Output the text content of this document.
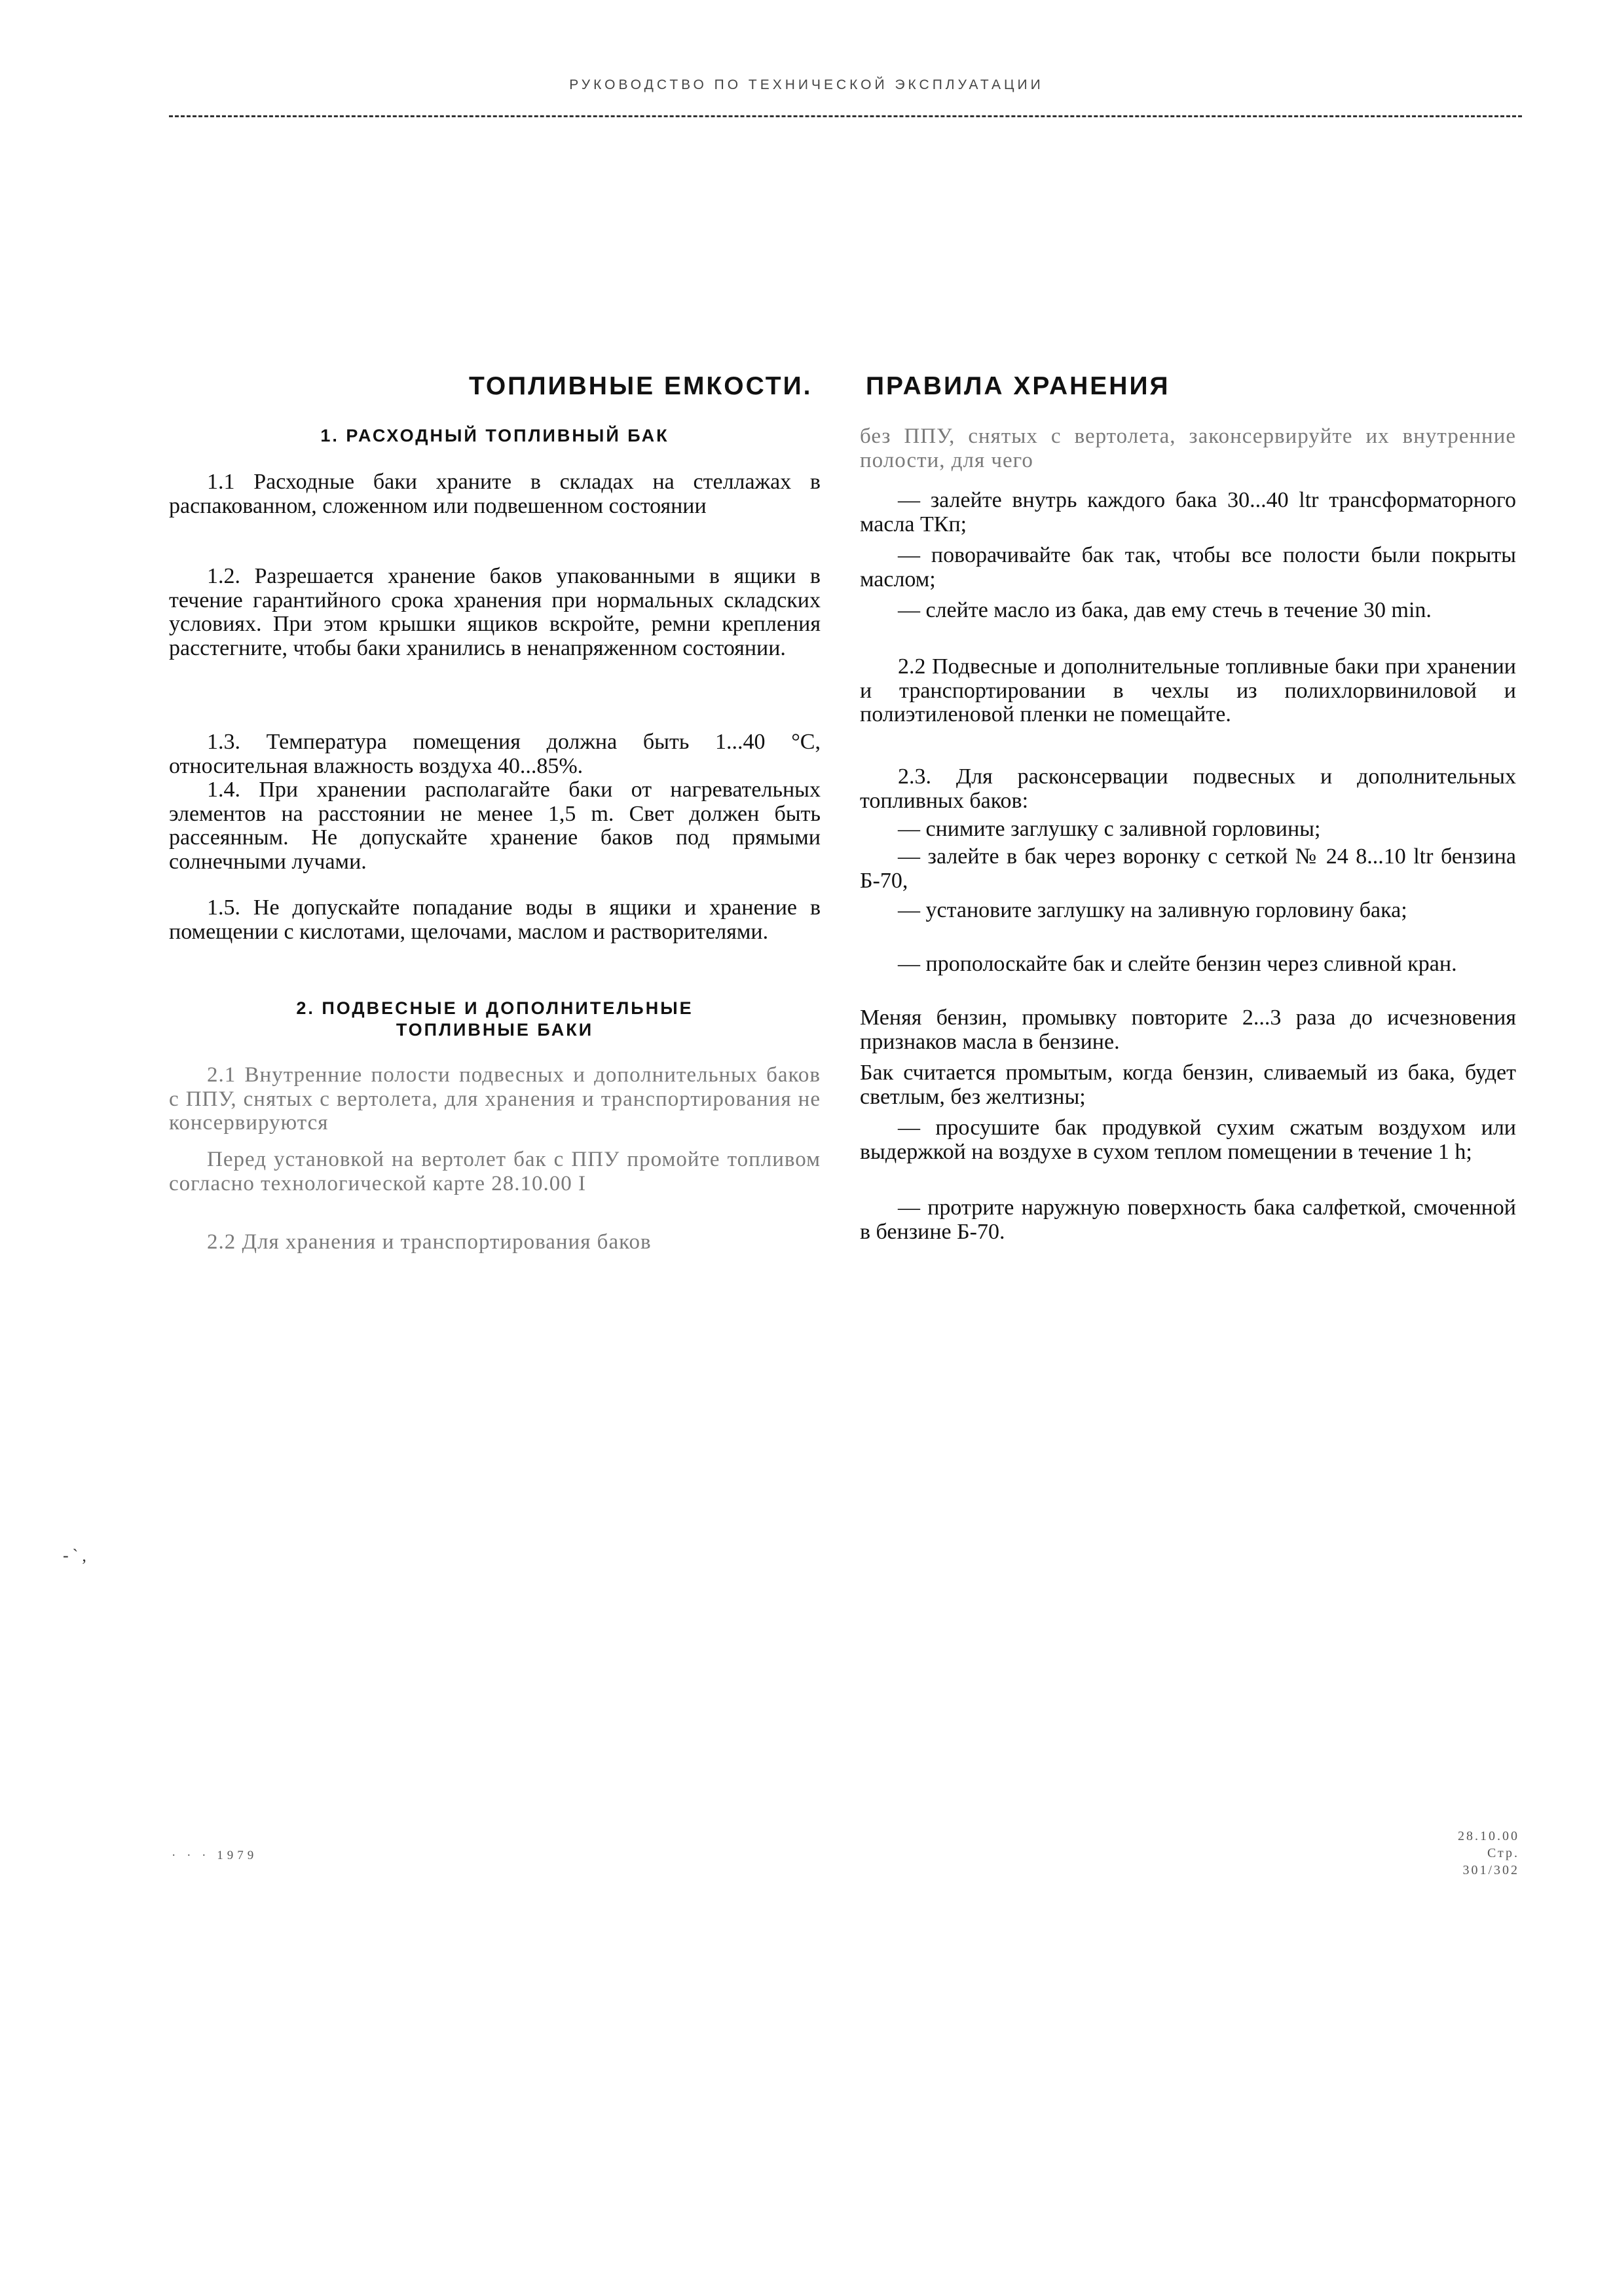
РУКОВОДСТВО ПО ТЕХНИЧЕСКОЙ ЭКСПЛУАТАЦИИ
ТОПЛИВНЫЕ ЕМКОСТИ. ПРАВИЛА ХРАНЕНИЯ
1. РАСХОДНЫЙ ТОПЛИВНЫЙ БАК

1.1 Расходные баки храните в складах на стеллажах в распакованном, сложенном или подвешенном состоянии

1.2. Разрешается хранение баков упакованными в ящики в течение гарантийного срока хранения при нормальных складских условиях. При этом крышки ящиков вскройте, ремни крепления расстегните, чтобы баки хранились в ненапряженном состоянии.

1.3. Температура помещения должна быть 1...40 °С, относительная влажность воздуха 40...85%.

1.4. При хранении располагайте баки от нагревательных элементов на расстоянии не менее 1,5 m. Свет должен быть рассеянным. Не допускайте хранение баков под прямыми солнечными лучами.

1.5. Не допускайте попадание воды в ящики и хранение в помещении с кислотами, щелочами, маслом и растворителями.

2. ПОДВЕСНЫЕ И ДОПОЛНИТЕЛЬНЫЕ
ТОПЛИВНЫЕ БАКИ

2.1 Внутренние полости подвесных и дополнительных баков с ППУ, снятых с вертолета, для хранения и транспортирования не консервируются

Перед установкой на вертолет бак с ППУ промойте топливом согласно технологической карте 28.10.00 I

2.2 Для хранения и транспортирования баков

без ППУ, снятых с вертолета, законсервируйте их внутренние полости, для чего

— залейте внутрь каждого бака 30...40 ltr трансформаторного масла ТКп;

— поворачивайте бак так, чтобы все полости были покрыты маслом;

— слейте масло из бака, дав ему стечь в течение 30 min.

2.2 Подвесные и дополнительные топливные баки при хранении и транспортировании в чехлы из полихлорвиниловой и полиэтиленовой пленки не помещайте.

2.3. Для расконсервации подвесных и дополнительных топливных баков:

— снимите заглушку с заливной горловины;

— залейте в бак через воронку с сеткой № 24 8...10 ltr бензина Б-70,

— установите заглушку на заливную горловину бака;

— прополоскайте бак и слейте бензин через сливной кран.

Меняя бензин, промывку повторите 2...3 раза до исчезновения признаков масла в бензине.

Бак считается промытым, когда бензин, сливаемый из бака, будет светлым, без желтизны;

— просушите бак продувкой сухим сжатым воздухом или выдержкой на воздухе в сухом теплом помещении в течение 1 h;

— протрите наружную поверхность бака салфеткой, смоченной в бензине Б-70.

-`,
· · · 1979
28.10.00
Стр. 301/302
